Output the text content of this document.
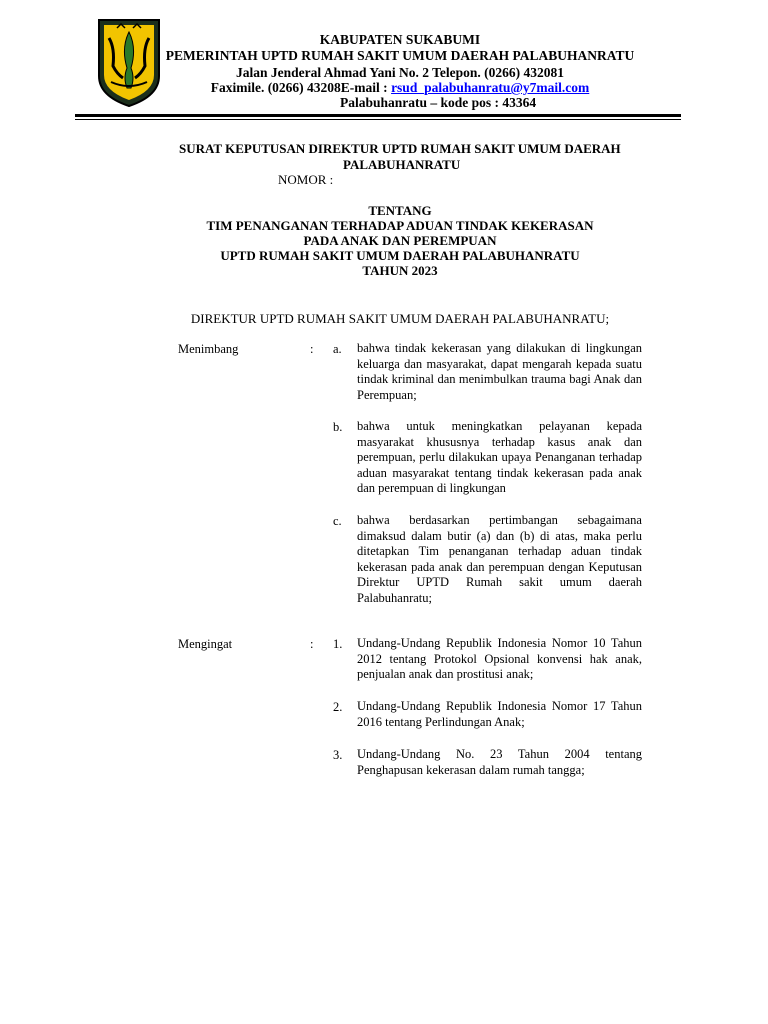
KABUPATEN SUKABUMI
PEMERINTAH UPTD RUMAH SAKIT UMUM DAERAH PALABUHANRATU
Jalan Jenderal Ahmad Yani No. 2 Telepon. (0266) 432081
Faximile. (0266) 43208E-mail : rsud_palabuhanratu@y7mail.com
Palabuhanratu – kode pos : 43364
SURAT KEPUTUSAN DIREKTUR UPTD RUMAH SAKIT UMUM DAERAH
PALABUHANRATU
NOMOR :
TENTANG
TIM PENANGANAN TERHADAP ADUAN TINDAK KEKERASAN
PADA ANAK DAN PEREMPUAN
UPTD RUMAH SAKIT UMUM DAERAH PALABUHANRATU
TAHUN 2023
DIREKTUR UPTD RUMAH SAKIT UMUM DAERAH PALABUHANRATU;
Menimbang	: a. bahwa tindak kekerasan yang dilakukan di lingkungan keluarga dan masyarakat, dapat mengarah kepada suatu tindak kriminal dan menimbulkan trauma bagi Anak dan Perempuan;
b. bahwa untuk meningkatkan pelayanan kepada masyarakat khususnya terhadap kasus anak dan perempuan, perlu dilakukan upaya Penanganan terhadap aduan masyarakat tentang tindak kekerasan pada anak dan perempuan di lingkungan
c. bahwa berdasarkan pertimbangan sebagaimana dimaksud dalam butir (a) dan (b) di atas, maka perlu ditetapkan Tim penanganan terhadap aduan tindak kekerasan pada anak dan perempuan dengan Keputusan Direktur UPTD Rumah sakit umum daerah Palabuhanratu;
Mengingat	: 1. Undang-Undang Republik Indonesia Nomor 10 Tahun 2012 tentang Protokol Opsional konvensi hak anak, penjualan anak dan prostitusi anak;
2. Undang-Undang Republik Indonesia Nomor 17 Tahun 2016 tentang Perlindungan Anak;
3. Undang-Undang No. 23 Tahun 2004 tentang Penghapusan kekerasan dalam rumah tangga;
